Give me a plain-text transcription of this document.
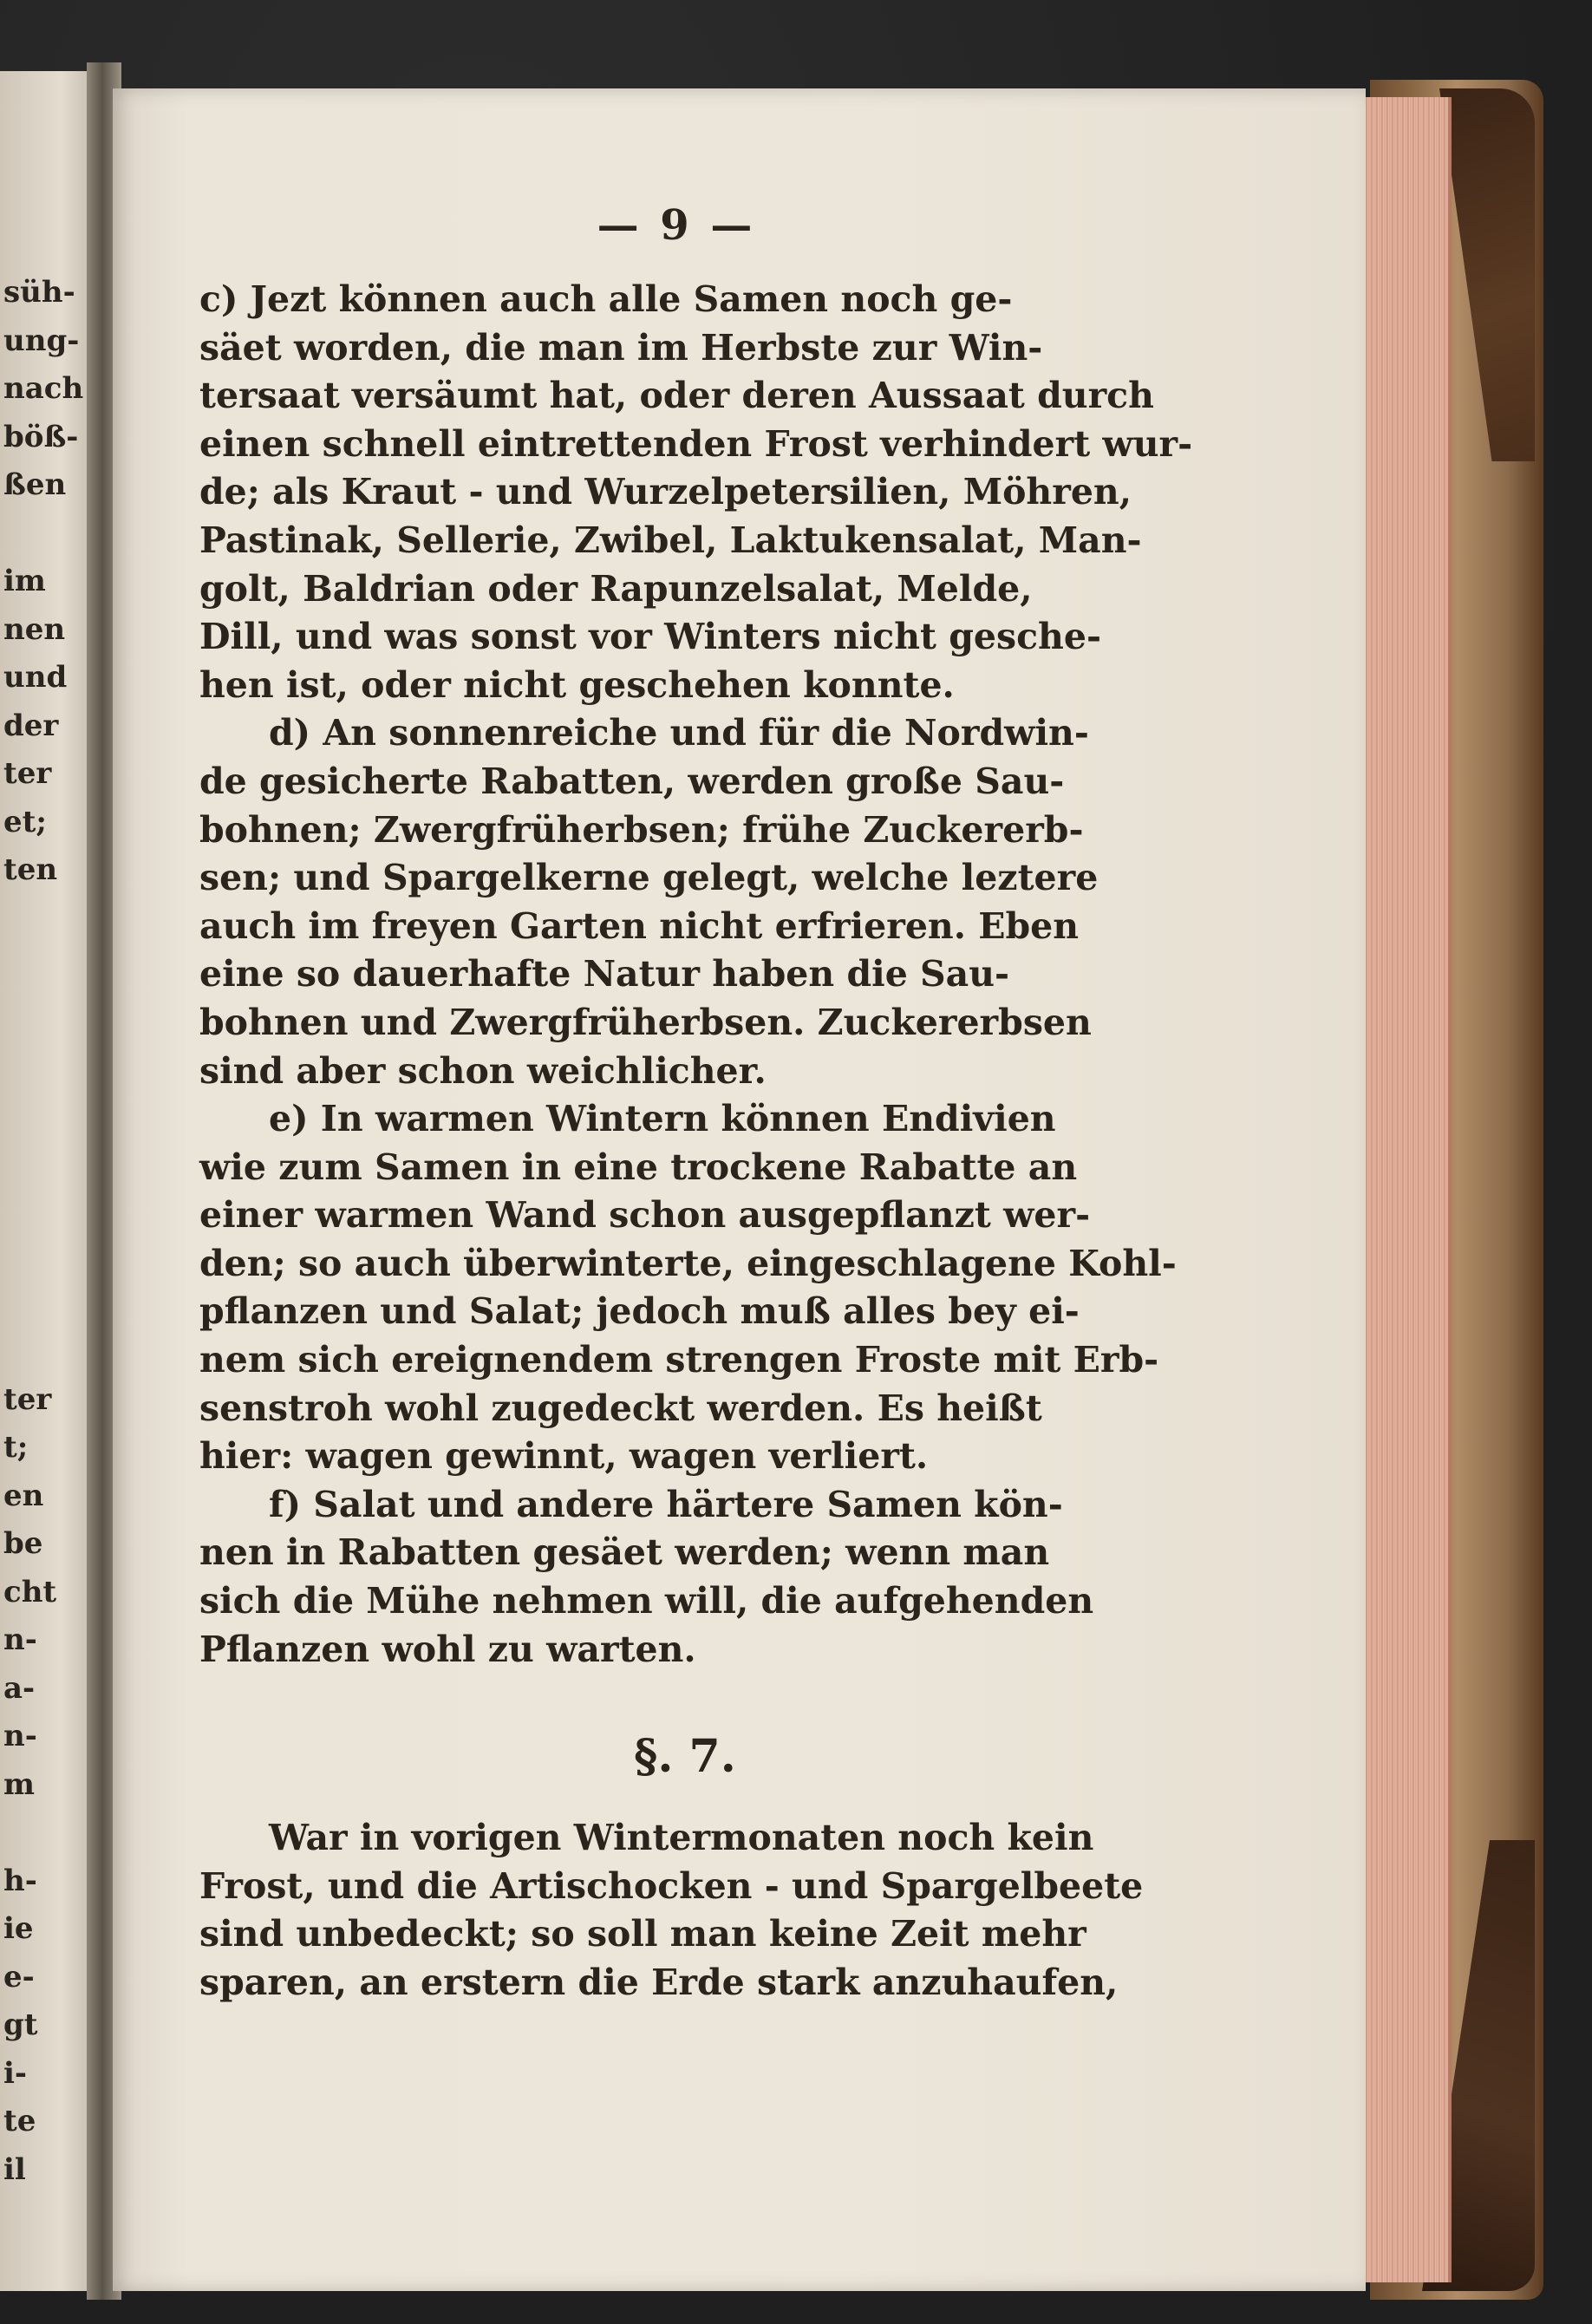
süh-
ung-
nach
böß-
ßen
im
nen
und
der
ter
et;
ten
ter
t;
en
be
cht
n-
a-
n-
m
h-
ie
e-
gt
i-
te
il
— 9 —
c) Jezt können auch alle Samen noch ge-
säet worden, die man im Herbste zur Win-
tersaat versäumt hat, oder deren Aussaat durch
einen schnell eintrettenden Frost verhindert wur-
de; als Kraut - und Wurzelpetersilien, Möhren,
Pastinak, Sellerie, Zwibel, Laktukensalat, Man-
golt, Baldrian oder Rapunzelsalat, Melde,
Dill, und was sonst vor Winters nicht gesche-
hen ist, oder nicht geschehen konnte.
d) An sonnenreiche und für die Nordwin-
de gesicherte Rabatten, werden große Sau-
bohnen; Zwergfrüherbsen; frühe Zuckererb-
sen; und Spargelkerne gelegt, welche leztere
auch im freyen Garten nicht erfrieren. Eben
eine so dauerhafte Natur haben die Sau-
bohnen und Zwergfrüherbsen. Zuckererbsen
sind aber schon weichlicher.
e) In warmen Wintern können Endivien
wie zum Samen in eine trockene Rabatte an
einer warmen Wand schon ausgepflanzt wer-
den; so auch überwinterte, eingeschlagene Kohl-
pflanzen und Salat; jedoch muß alles bey ei-
nem sich ereignendem strengen Froste mit Erb-
senstroh wohl zugedeckt werden. Es heißt
hier: wagen gewinnt, wagen verliert.
f) Salat und andere härtere Samen kön-
nen in Rabatten gesäet werden; wenn man
sich die Mühe nehmen will, die aufgehenden
Pflanzen wohl zu warten.
§. 7.
War in vorigen Wintermonaten noch kein
Frost, und die Artischocken - und Spargelbeete
sind unbedeckt; so soll man keine Zeit mehr
sparen, an erstern die Erde stark anzuhaufen,
